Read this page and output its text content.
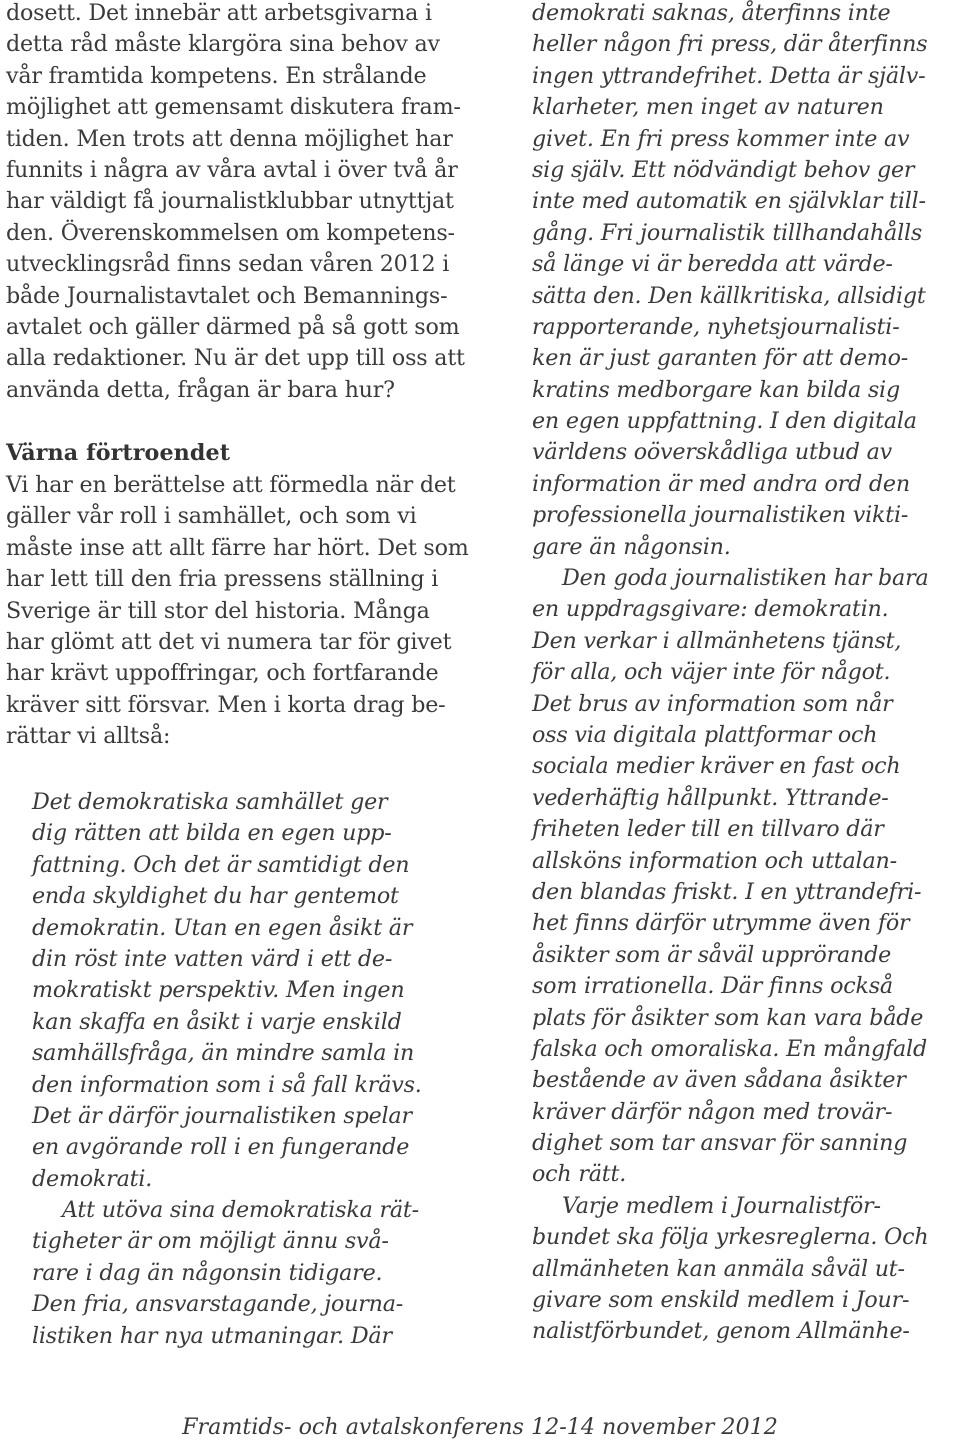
dosett. Det innebär att arbetsgivarna i
detta råd måste klargöra sina behov av
vår framtida kompetens. En strålande
möjlighet att gemensamt diskutera fram-
tiden. Men trots att denna möjlighet har
funnits i några av våra avtal i över två år
har väldigt få journalistklubbar utnyttjat
den. Överenskommelsen om kompetens-
utvecklingsråd finns sedan våren 2012 i
både Journalistavtalet och Bemannings-
avtalet och gäller därmed på så gott som
alla redaktioner. Nu är det upp till oss att
använda detta, frågan är bara hur?
Värna förtroendet
Vi har en berättelse att förmedla när det
gäller vår roll i samhället, och som vi
måste inse att allt färre har hört. Det som
har lett till den fria pressens ställning i
Sverige är till stor del historia. Många
har glömt att det vi numera tar för givet
har krävt uppoffringar, och fortfarande
kräver sitt försvar. Men i korta drag be-
rättar vi alltså:
Det demokratiska samhället ger
dig rätten att bilda en egen upp-
fattning. Och det är samtidigt den
enda skyldighet du har gentemot
demokratin. Utan en egen åsikt är
din röst inte vatten värd i ett de-
mokratiskt perspektiv. Men ingen
kan skaffa en åsikt i varje enskild
samhällsfråga, än mindre samla in
den information som i så fall krävs.
Det är därför journalistiken spelar
en avgörande roll i en fungerande
demokrati.
Att utöva sina demokratiska rät-
tigheter är om möjligt ännu svå-
rare i dag än någonsin tidigare.
Den fria, ansvarstagande, journa-
listiken har nya utmaningar. Där
demokrati saknas, återfinns inte
heller någon fri press, där återfinns
ingen yttrandefrihet. Detta är själv-
klarheter, men inget av naturen
givet. En fri press kommer inte av
sig själv. Ett nödvändigt behov ger
inte med automatik en självklar till-
gång. Fri journalistik tillhandahålls
så länge vi är beredda att värde-
sätta den. Den källkritiska, allsidigt
rapporterande, nyhetsjournalisti-
ken är just garanten för att demo-
kratins medborgare kan bilda sig
en egen uppfattning. I den digitala
världens oöverskådliga utbud av
information är med andra ord den
professionella journalistiken vikti-
gare än någonsin.
Den goda journalistiken har bara
en uppdragsgivare: demokratin.
Den verkar i allmänhetens tjänst,
för alla, och väjer inte för något.
Det brus av information som når
oss via digitala plattformar och
sociala medier kräver en fast och
vederhäftig hållpunkt. Yttrande-
friheten leder till en tillvaro där
allsköns information och uttalan-
den blandas friskt. I en yttrandefri-
het finns därför utrymme även för
åsikter som är såväl upprörande
som irrationella. Där finns också
plats för åsikter som kan vara både
falska och omoraliska. En mångfald
bestående av även sådana åsikter
kräver därför någon med trovär-
dighet som tar ansvar för sanning
och rätt.
Varje medlem i Journalistför-
bundet ska följa yrkesreglerna. Och
allmänheten kan anmäla såväl ut-
givare som enskild medlem i Jour-
nalistförbundet, genom Allmänhe-
Framtids- och avtalskonferens 12-14 november 2012
